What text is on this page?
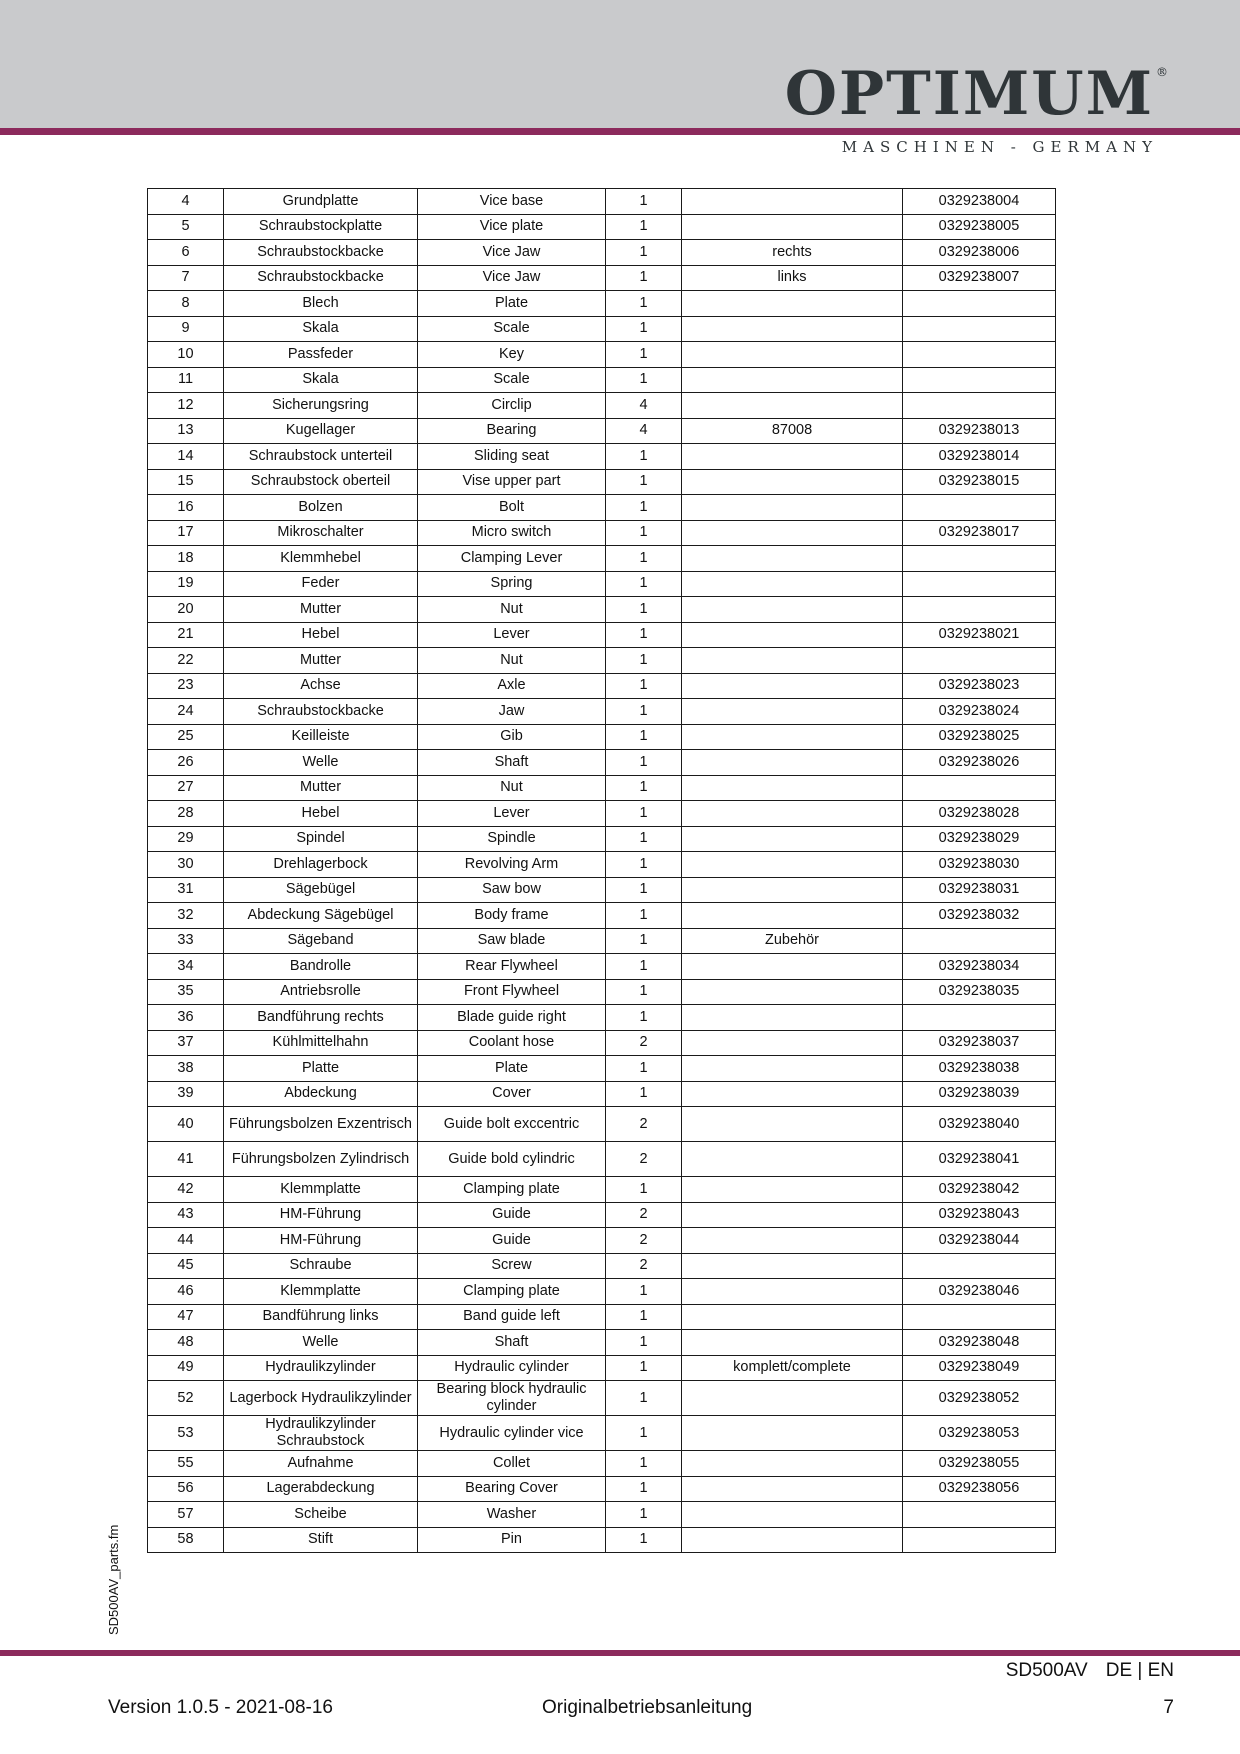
OPTIMUM ®
MASCHINEN - GERMANY
4	Grundplatte	Vice base	1		0329238004
5	Schraubstockplatte	Vice plate	1		0329238005
6	Schraubstockbacke	Vice Jaw	1	rechts	0329238006
7	Schraubstockbacke	Vice Jaw	1	links	0329238007
8	Blech	Plate	1		
9	Skala	Scale	1		
10	Passfeder	Key	1		
11	Skala	Scale	1		
12	Sicherungsring	Circlip	4		
13	Kugellager	Bearing	4	87008	0329238013
14	Schraubstock unterteil	Sliding seat	1		0329238014
15	Schraubstock oberteil	Vise upper part	1		0329238015
16	Bolzen	Bolt	1		
17	Mikroschalter	Micro switch	1		0329238017
18	Klemmhebel	Clamping Lever	1		
19	Feder	Spring	1		
20	Mutter	Nut	1		
21	Hebel	Lever	1		0329238021
22	Mutter	Nut	1		
23	Achse	Axle	1		0329238023
24	Schraubstockbacke	Jaw	1		0329238024
25	Keilleiste	Gib	1		0329238025
26	Welle	Shaft	1		0329238026
27	Mutter	Nut	1		
28	Hebel	Lever	1		0329238028
29	Spindel	Spindle	1		0329238029
30	Drehlagerbock	Revolving Arm	1		0329238030
31	Sägebügel	Saw bow	1		0329238031
32	Abdeckung Sägebügel	Body frame	1		0329238032
33	Sägeband	Saw blade	1	Zubehör	
34	Bandrolle	Rear Flywheel	1		0329238034
35	Antriebsrolle	Front Flywheel	1		0329238035
36	Bandführung rechts	Blade guide right	1		
37	Kühlmittelhahn	Coolant hose	2		0329238037
38	Platte	Plate	1		0329238038
39	Abdeckung	Cover	1		0329238039
40	Führungsbolzen Exzentrisch	Guide bolt exccentric	2		0329238040
41	Führungsbolzen Zylindrisch	Guide bold cylindric	2		0329238041
42	Klemmplatte	Clamping plate	1		0329238042
43	HM-Führung	Guide	2		0329238043
44	HM-Führung	Guide	2		0329238044
45	Schraube	Screw	2		
46	Klemmplatte	Clamping plate	1		0329238046
47	Bandführung links	Band guide left	1		
48	Welle	Shaft	1		0329238048
49	Hydraulikzylinder	Hydraulic cylinder	1	komplett/complete	0329238049
52	Lagerbock Hydraulikzylinder	Bearing block hydraulic cylinder	1		0329238052
53	Hydraulikzylinder Schraubstock	Hydraulic cylinder vice	1		0329238053
55	Aufnahme	Collet	1		0329238055
56	Lagerabdeckung	Bearing Cover	1		0329238056
57	Scheibe	Washer	1		
58	Stift	Pin	1		
SD500AV_parts.fm
SD500AV DE | EN
Version 1.0.5 - 2021-08-16	Originalbetriebsanleitung	7
